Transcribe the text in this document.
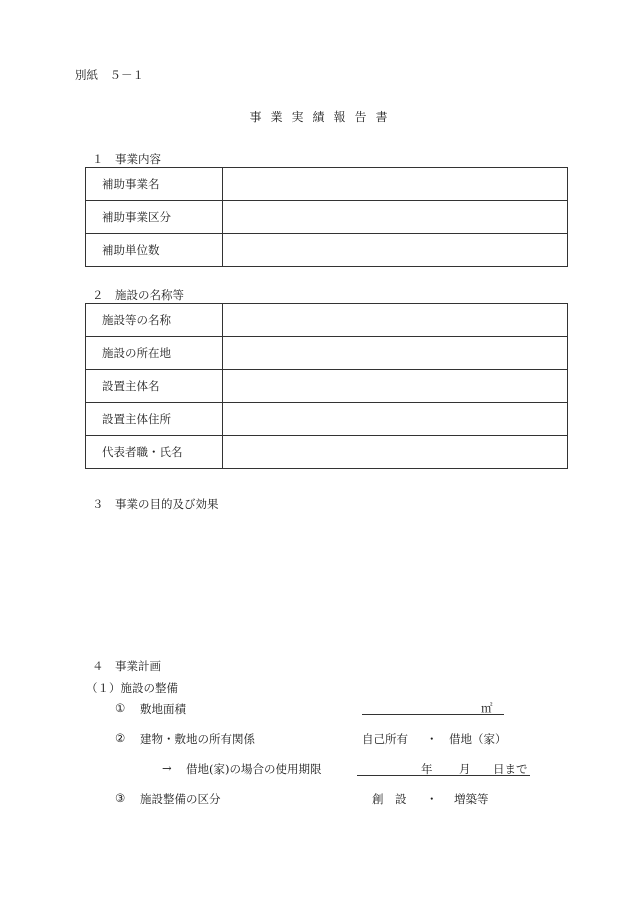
別紙　５－１
事業実績報告書
１　事業内容
補助事業名	
補助事業区分	
補助単位数	
２　施設の名称等
施設等の名称	
施設の所在地	
設置主体名	
設置主体住所	
代表者職・氏名	
３　事業の目的及び効果
４　事業計画
（１）施設の整備
① 敷地面積	㎡
② 建物・敷地の所有関係	自己所有 ・ 借地（家）
→ 借地(家)の場合の使用期限	年 月 日まで
③ 施設整備の区分	創　設 ・ 増築等
